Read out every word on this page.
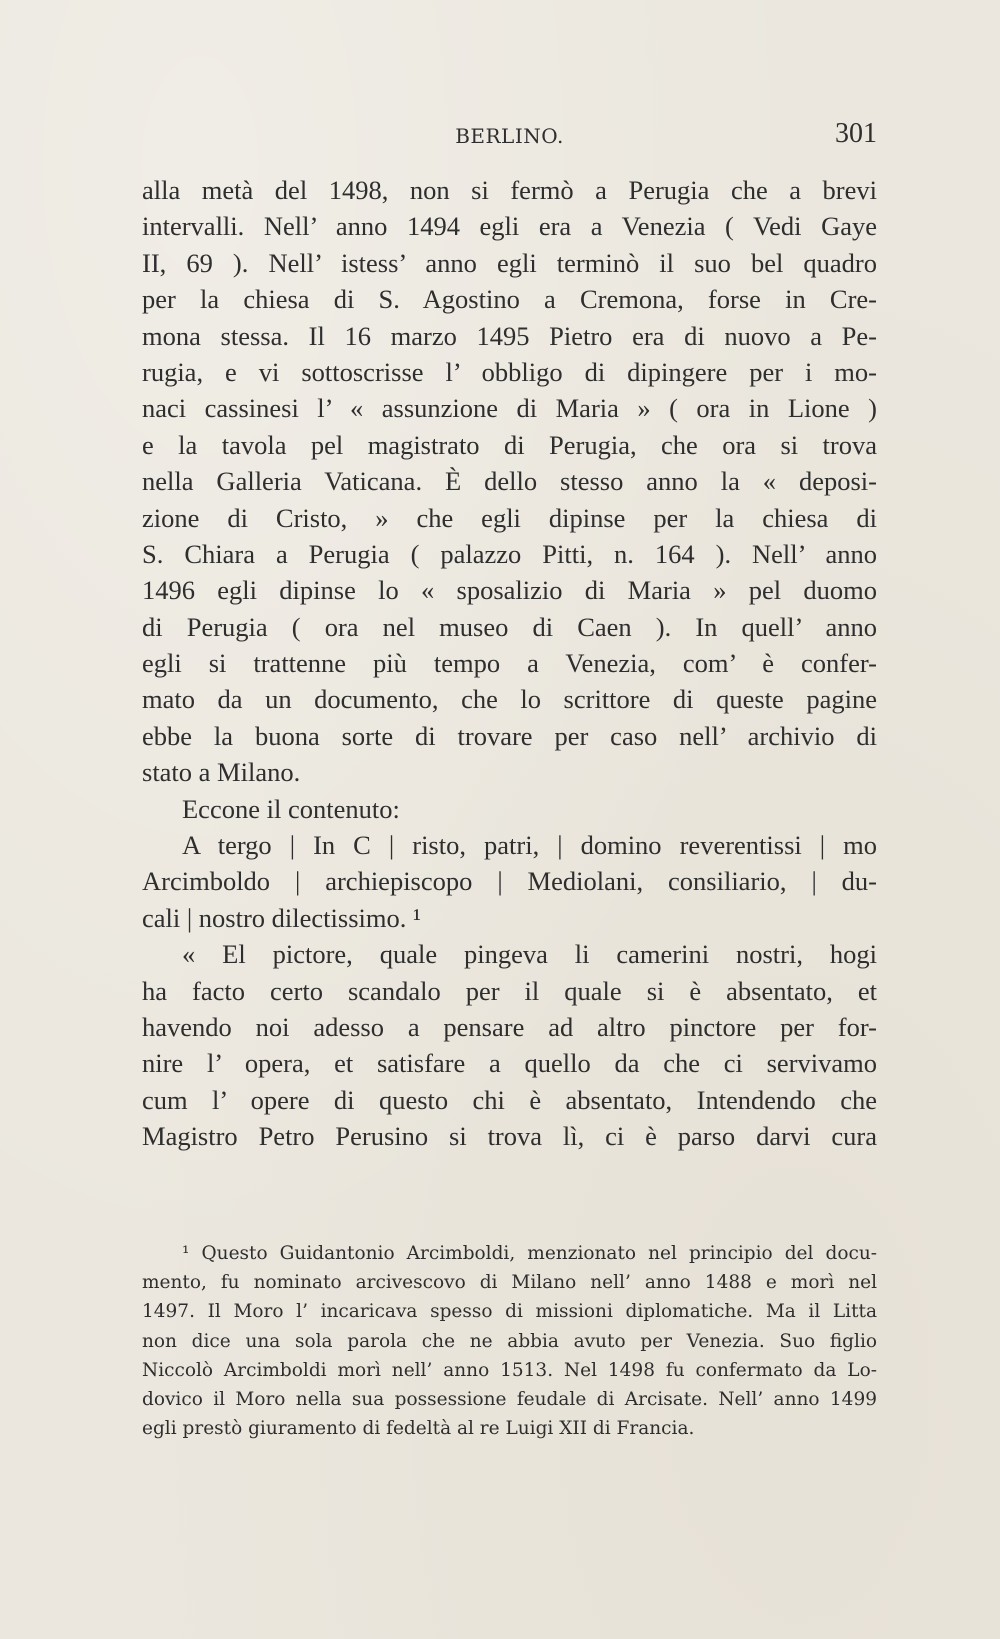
BERLINO.	301
alla metà del 1498, non si fermò a Perugia che a brevi
intervalli. Nell’ anno 1494 egli era a Venezia ( Vedi Gaye
II, 69 ). Nell’ istess’ anno egli terminò il suo bel quadro
per la chiesa di S. Agostino a Cremona, forse in Cre-
mona stessa. Il 16 marzo 1495 Pietro era di nuovo a Pe-
rugia, e vi sottoscrisse l’ obbligo di dipingere per i mo-
naci cassinesi l’ « assunzione di Maria » ( ora in Lione )
e la tavola pel magistrato di Perugia, che ora si trova
nella Galleria Vaticana. È dello stesso anno la « deposi-
zione di Cristo, » che egli dipinse per la chiesa di
S. Chiara a Perugia ( palazzo Pitti, n. 164 ). Nell’ anno
1496 egli dipinse lo « sposalizio di Maria » pel duomo
di Perugia ( ora nel museo di Caen ). In quell’ anno
egli si trattenne più tempo a Venezia, com’ è confer-
mato da un documento, che lo scrittore di queste pagine
ebbe la buona sorte di trovare per caso nell’ archivio di
stato a Milano.
Eccone il contenuto:
A tergo | In C | risto, patri, | domino reverentissi | mo
Arcimboldo | archiepiscopo | Mediolani, consiliario, | du-
cali | nostro dilectissimo. ¹
« El pictore, quale pingeva li camerini nostri, hogi
ha facto certo scandalo per il quale si è absentato, et
havendo noi adesso a pensare ad altro pinctore per for-
nire l’ opera, et satisfare a quello da che ci servivamo
cum l’ opere di questo chi è absentato, Intendendo che
Magistro Petro Perusino si trova lì, ci è parso darvi cura
¹ Questo Guidantonio Arcimboldi, menzionato nel principio del docu-
mento, fu nominato arcivescovo di Milano nell’ anno 1488 e morì nel
1497. Il Moro l’ incaricava spesso di missioni diplomatiche. Ma il Litta
non dice una sola parola che ne abbia avuto per Venezia. Suo figlio
Niccolò Arcimboldi morì nell’ anno 1513. Nel 1498 fu confermato da Lo-
dovico il Moro nella sua possessione feudale di Arcisate. Nell’ anno 1499
egli prestò giuramento di fedeltà al re Luigi XII di Francia.
